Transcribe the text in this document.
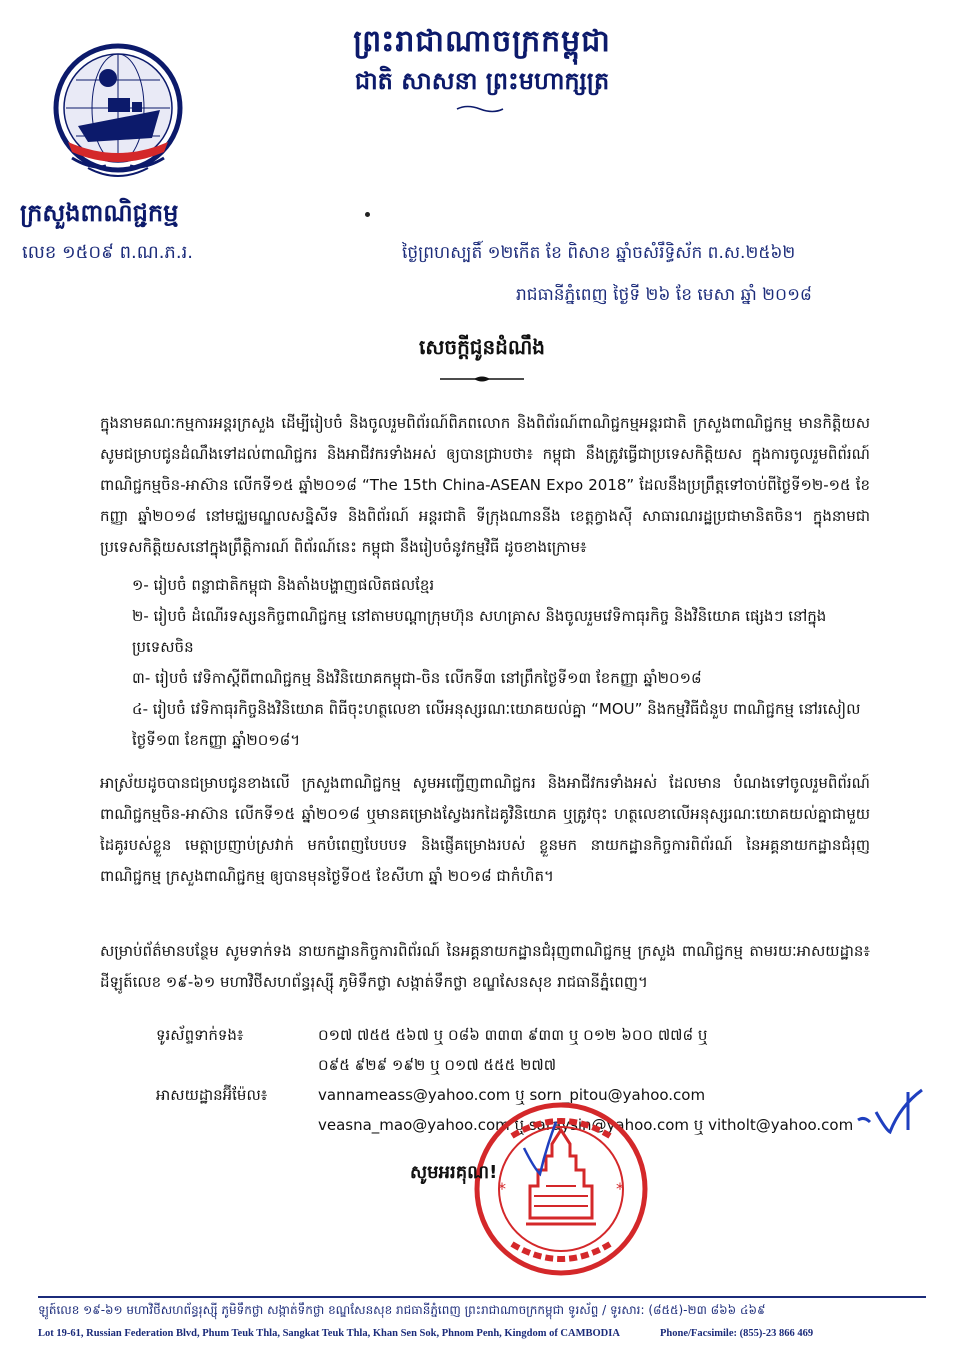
ព្រះរាជាណាចក្រកម្ពុជា
ជាតិ សាសនា ព្រះមហាក្សត្រ
ក្រសួងពាណិជ្ជកម្ម
លេខ ១៥០៩ ព.ណ.ភ.រ.	ថ្ងៃព្រហស្បតិ៍ ១២កើត ខែ ពិសាខ ឆ្នាំចសំរឹទ្ធិស័ក ព.ស.២៥៦២
រាជធានីភ្នំពេញ ថ្ងៃទី ២៦ ខែ មេសា ឆ្នាំ ២០១៨
សេចក្តីជូនដំណឹង
ក្នុងនាមគណៈកម្មការអន្តរក្រសួង ដើម្បីរៀបចំ និងចូលរួមពិព័រណ៍ពិភពលោក និងពិព័រណ៍ពាណិជ្ជកម្មអន្តរជាតិ ក្រសួងពាណិជ្ជកម្ម មានកិត្តិយសសូមជម្រាបជូនដំណឹងទៅដល់ពាណិជ្ជករ និងអាជីវករទាំងអស់ ឲ្យបានជ្រាបថា៖ កម្ពុជា នឹងត្រូវធ្វើជាប្រទេសកិត្តិយស ក្នុងការចូលរួមពិព័រណ៍ពាណិជ្ជកម្មចិន-អាស៊ាន លើកទី១៥ ឆ្នាំ២០១៨ “The 15th China-ASEAN Expo 2018” ដែលនឹងប្រព្រឹត្តទៅចាប់ពីថ្ងៃទី១២-១៥ ខែកញ្ញា ឆ្នាំ២០១៨ នៅមជ្ឈមណ្ឌលសន្និសីទ និងពិព័រណ៍ អន្តរជាតិ ទីក្រុងណាននីង ខេត្តក្វាងស៊ី សាធារណរដ្ឋប្រជាមានិតចិន។ ក្នុងនាមជាប្រទេសកិត្តិយសនៅក្នុងព្រឹត្តិការណ៍ ពិព័រណ៍នេះ កម្ពុជា នឹងរៀបចំនូវកម្មវិធី ដូចខាងក្រោម៖
១- រៀបចំ ពន្លាជាតិកម្ពុជា និងតាំងបង្ហាញផលិតផលខ្មែរ
២- រៀបចំ ដំណើរទស្សនកិច្ចពាណិជ្ជកម្ម នៅតាមបណ្តាក្រុមហ៊ុន សហគ្រាស និងចូលរួមវេទិកាធុរកិច្ច និងវិនិយោគ ផ្សេងៗ នៅក្នុងប្រទេសចិន
៣- រៀបចំ វេទិកាស្តីពីពាណិជ្ជកម្ម និងវិនិយោគកម្ពុជា-ចិន លើកទី៣ នៅព្រឹកថ្ងៃទី១៣ ខែកញ្ញា ឆ្នាំ២០១៨
៤- រៀបចំ វេទិកាធុរកិច្ចនិងវិនិយោគ ពិធីចុះហត្ថលេខា លើអនុស្សរណៈយោគយល់គ្នា “MOU” និងកម្មវិធីជំនួប ពាណិជ្ជកម្ម នៅរសៀលថ្ងៃទី១៣ ខែកញ្ញា ឆ្នាំ២០១៨។
អាស្រ័យដូចបានជម្រាបជូនខាងលើ ក្រសួងពាណិជ្ជកម្ម សូមអញ្ជើញពាណិជ្ជករ និងអាជីវករទាំងអស់ ដែលមាន បំណងទៅចូលរួមពិព័រណ៍ពាណិជ្ជកម្មចិន-អាស៊ាន លើកទី១៥ ឆ្នាំ២០១៨ ឬមានគម្រោងស្វែងរកដៃគូវិនិយោគ ឬត្រូវចុះ ហត្ថលេខាលើអនុស្សរណៈយោគយល់គ្នាជាមួយដៃគូរបស់ខ្លួន មេត្តាប្រញាប់ស្រវាក់ មកបំពេញបែបបទ និងផ្ញើគម្រោងរបស់ ខ្លួនមក នាយកដ្ឋានកិច្ចការពិព័រណ៍ នៃអគ្គនាយកដ្ឋានជំរុញពាណិជ្ជកម្ម ក្រសួងពាណិជ្ជកម្ម ឲ្យបានមុនថ្ងៃទី០៥ ខែសីហា ឆ្នាំ ២០១៨ ជាកំហិត។
សម្រាប់ព័ត៌មានបន្ថែម សូមទាក់ទង នាយកដ្ឋានកិច្ចការពិព័រណ៍ នៃអគ្គនាយកដ្ឋានជំរុញពាណិជ្ជកម្ម ក្រសួង ពាណិជ្ជកម្ម តាមរយៈអាសយដ្ឋាន៖ ដីឡូត៍លេខ ១៩-៦១ មហាវិថីសហព័ន្ធរុស្ស៊ី ភូមិទឹកថ្លា សង្កាត់ទឹកថ្លា ខណ្ឌសែនសុខ រាជធានីភ្នំពេញ។
ទូរស័ព្ទទាក់ទង៖	០១៧ ៧៥៥ ៥៦៧ ឬ ០៨៦ ៣៣៣ ៩៣៣ ឬ ០១២ ៦០០ ៧៧៨ ឬ
០៩៥ ៩២៩ ១៩២ ឬ ០១៧ ៥៥៥ ២៧៧
អាសយដ្ឋានអ៊ីម៉ែល៖	vannameass@yahoo.com ឬ sorn_pitou@yahoo.com
veasna_mao@yahoo.com ឬ saraysin@yahoo.com ឬ vitholt@yahoo.com
*	*
សូមអរគុណ!
ឡូត៍លេខ ១៩-៦១ មហាវិថីសហព័ន្ធរុស្ស៊ី ភូមិទឹកថ្លា សង្កាត់ទឹកថ្លា ខណ្ឌសែនសុខ រាជធានីភ្នំពេញ ព្រះរាជាណាចក្រកម្ពុជា ទូរស័ព្ទ / ទូរសារ: (៨៥៥)-២៣ ៨៦៦ ៤៦៩
Lot 19-61, Russian Federation Blvd, Phum Teuk Thla, Sangkat Teuk Thla, Khan Sen Sok, Phnom Penh, Kingdom of CAMBODIA	Phone/Facsimile: (855)-23 866 469
